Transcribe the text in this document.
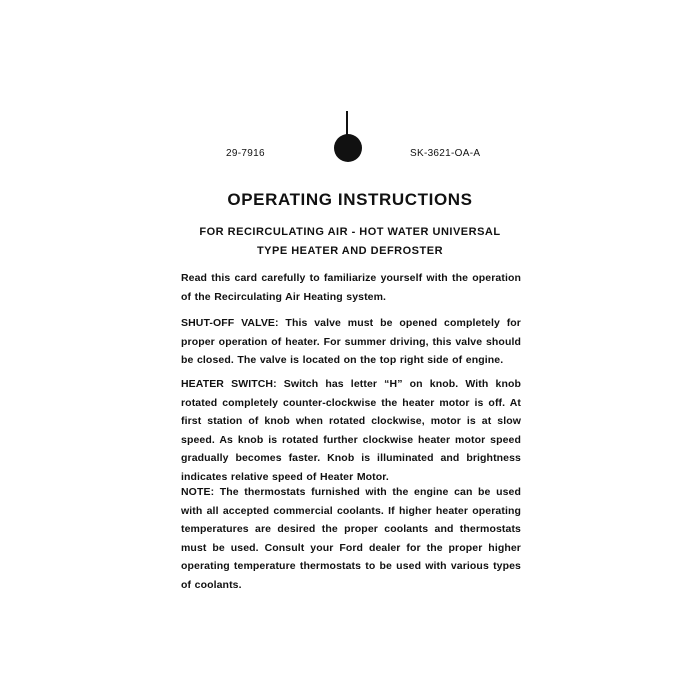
29-7916	SK-3621-OA-A
OPERATING INSTRUCTIONS
FOR RECIRCULATING AIR - HOT WATER UNIVERSAL
TYPE HEATER AND DEFROSTER
Read this card carefully to familiarize yourself with the operation of the Recirculating Air Heating system.
SHUT-OFF VALVE: This valve must be opened completely for proper operation of heater. For summer driving, this valve should be closed. The valve is located on the top right side of engine.
HEATER SWITCH: Switch has letter “H” on knob. With knob rotated completely counter-clockwise the heater motor is off. At first station of knob when rotated clockwise, motor is at slow speed. As knob is rotated further clockwise heater motor speed gradually becomes faster. Knob is illuminated and brightness indicates relative speed of Heater Motor.
NOTE: The thermostats furnished with the engine can be used with all accepted commercial coolants. If higher heater operating temperatures are desired the proper coolants and thermostats must be used. Consult your Ford dealer for the proper higher operating temperature thermostats to be used with various types of coolants.
